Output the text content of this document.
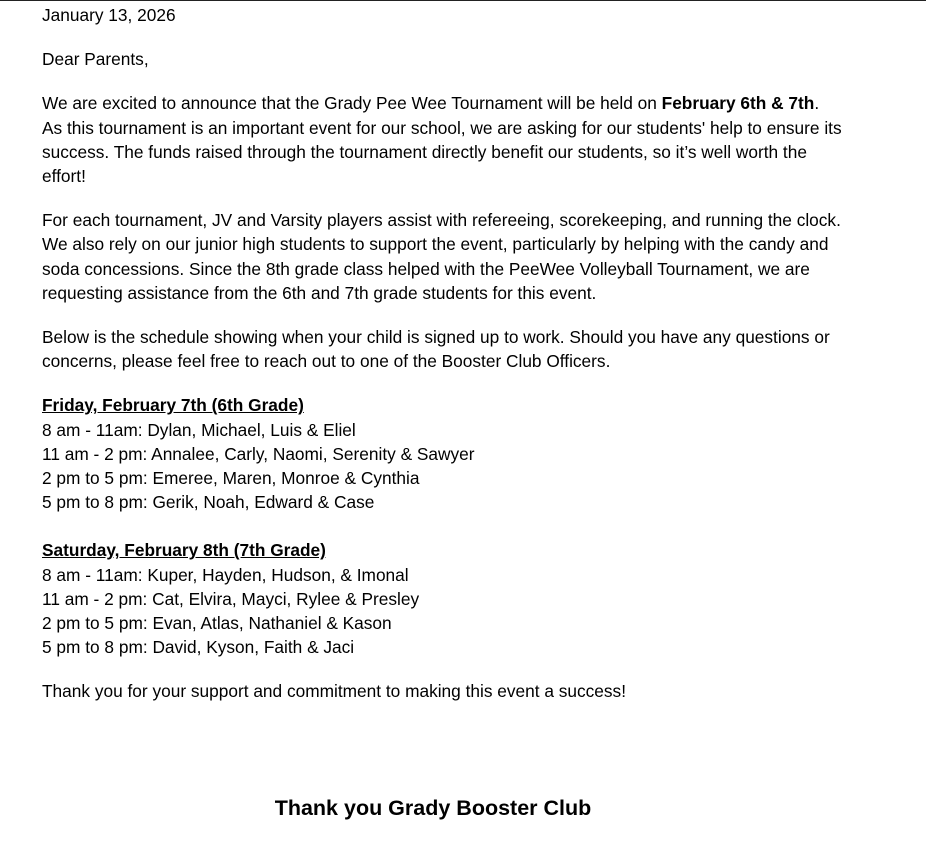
January 13, 2026

Dear Parents,

We are excited to announce that the Grady Pee Wee Tournament will be held on February 6th & 7th. As this tournament is an important event for our school, we are asking for our students' help to ensure its success. The funds raised through the tournament directly benefit our students, so it’s well worth the effort!

For each tournament, JV and Varsity players assist with refereeing, scorekeeping, and running the clock. We also rely on our junior high students to support the event, particularly by helping with the candy and soda concessions. Since the 8th grade class helped with the PeeWee Volleyball Tournament, we are requesting assistance from the 6th and 7th grade students for this event.

Below is the schedule showing when your child is signed up to work. Should you have any questions or concerns, please feel free to reach out to one of the Booster Club Officers.

Friday, February 7th (6th Grade)
8 am - 11am: Dylan, Michael, Luis & Eliel
11 am - 2 pm: Annalee, Carly, Naomi, Serenity & Sawyer
2 pm to 5 pm: Emeree, Maren, Monroe & Cynthia
5 pm to 8 pm: Gerik, Noah, Edward & Case
Saturday, February 8th (7th Grade)
8 am - 11am: Kuper, Hayden, Hudson, & Imonal
11 am - 2 pm: Cat, Elvira, Mayci, Rylee & Presley
2 pm to 5 pm: Evan, Atlas, Nathaniel & Kason
5 pm to 8 pm: David, Kyson, Faith & Jaci

Thank you for your support and commitment to making this event a success!

Thank you Grady Booster Club
